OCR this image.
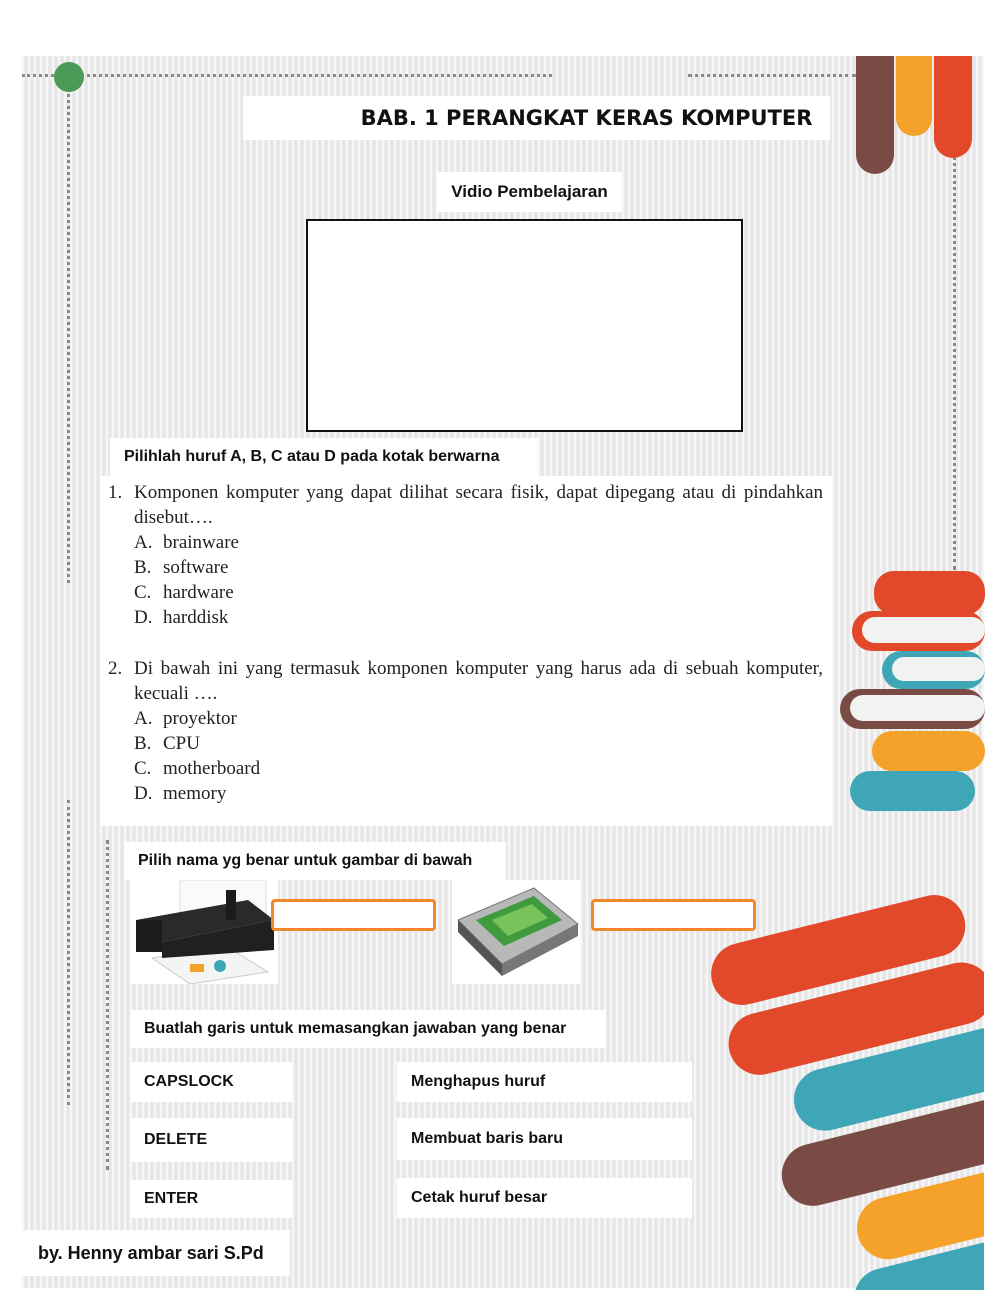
BAB. 1 PERANGKAT KERAS KOMPUTER
Vidio Pembelajaran
Pilihlah huruf A, B, C atau D pada kotak berwarna
1. Komponen komputer yang dapat dilihat secara fisik, dapat dipegang atau di pindahkan disebut….
A. brainware
B. software
C. hardware
D. harddisk
2. Di bawah ini yang termasuk komponen komputer yang harus ada di sebuah komputer, kecuali ….
A. proyektor
B. CPU
C. motherboard
D. memory
Pilih nama yg benar untuk gambar di bawah
Buatlah garis untuk memasangkan jawaban yang benar
CAPSLOCK
DELETE
ENTER
Menghapus huruf
Membuat baris baru
Cetak huruf besar
by. Henny ambar sari S.Pd
